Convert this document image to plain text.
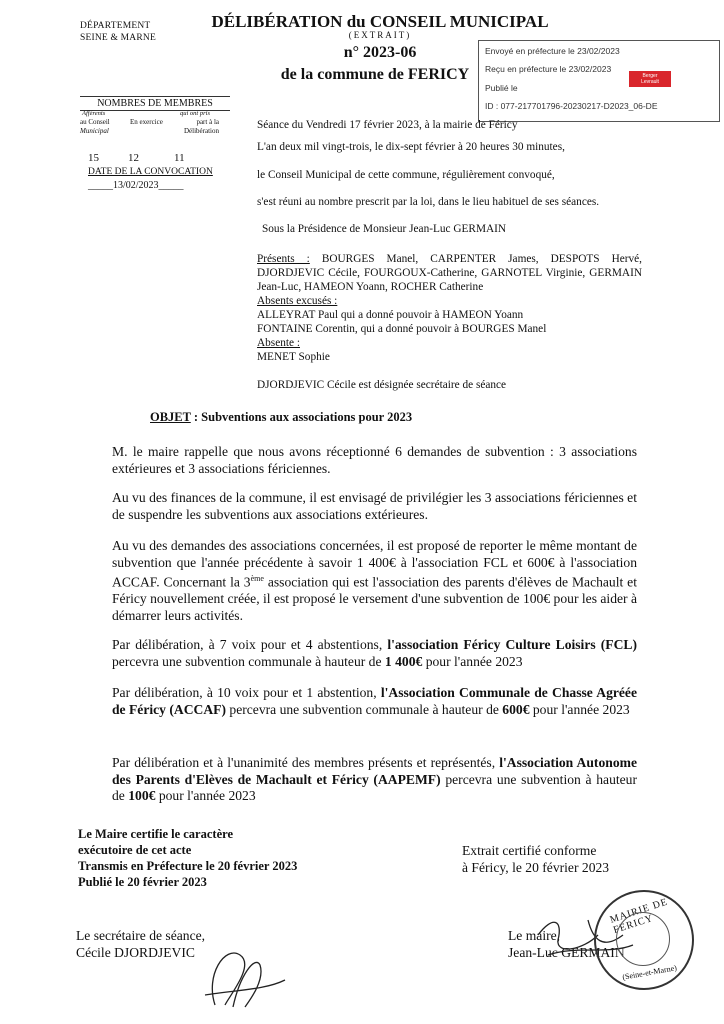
DÉPARTEMENT
SEINE & MARNE
DÉLIBÉRATION du CONSEIL MUNICIPAL
(EXTRAIT)
n° 2023-06
de la commune de FERICY
Envoyé en préfecture le 23/02/2023
Reçu en préfecture le 23/02/2023
Publié le
ID : 077-217701796-20230217-D2023_06-DE
Berger
Levrault
NOMBRES DE MEMBRES
Afférents	qui ont pris
au Conseil
Municipal
En exercice	part à la
Délibération
15	12	11
DATE DE LA CONVOCATION
_____13/02/2023_____
Séance du Vendredi 17 février 2023, à la mairie de Féricy
L'an deux mil vingt-trois, le dix-sept février à 20 heures 30 minutes,
le Conseil Municipal de cette commune, régulièrement convoqué,
s'est réuni au nombre prescrit par la loi, dans le lieu habituel de ses séances.
Sous la Présidence de Monsieur Jean-Luc GERMAIN
Présents : BOURGES Manel, CARPENTER James, DESPOTS Hervé, DJORDJEVIC Cécile, FOURGOUX-Catherine, GARNOTEL Virginie, GERMAIN Jean-Luc, HAMEON Yoann, ROCHER Catherine
Absents excusés :
ALLEYRAT Paul qui a donné pouvoir à HAMEON Yoann
FONTAINE Corentin, qui a donné pouvoir à BOURGES Manel
Absente :
MENET Sophie
DJORDJEVIC Cécile est désignée secrétaire de séance
OBJET : Subventions aux associations pour 2023
M. le maire rappelle que nous avons réceptionné 6 demandes de subvention : 3 associations extérieures et 3 associations fériciennes.
Au vu des finances de la commune, il est envisagé de privilégier les 3 associations fériciennes et de suspendre les subventions aux associations extérieures.
Au vu des demandes des associations concernées, il est proposé de reporter le même montant de subvention que l'année précédente à savoir 1 400€ à l'association FCL et 600€ à l'association ACCAF. Concernant la 3ème association qui est l'association des parents d'élèves de Machault et Féricy nouvellement créée, il est proposé le versement d'une subvention de 100€ pour les aider à démarrer leurs activités.
Par délibération, à 7 voix pour et 4 abstentions, l'association Féricy Culture Loisirs (FCL) percevra une subvention communale à hauteur de 1 400€ pour l'année 2023
Par délibération, à 10 voix pour et 1 abstention, l'Association Communale de Chasse Agréée de Féricy (ACCAF) percevra une subvention communale à hauteur de 600€ pour l'année 2023
Par délibération et à l'unanimité des membres présents et représentés, l'Association Autonome des Parents d'Elèves de Machault et Féricy (AAPEMF) percevra une subvention à hauteur de 100€ pour l'année 2023
Le Maire certifie le caractère
exécutoire de cet acte
Transmis en Préfecture le 20 février 2023
Publié le 20 février 2023
Extrait certifié conforme
à Féricy, le 20 février 2023
Le secrétaire de séance,
Cécile DJORDJEVIC
Le maire,
Jean-Luc GERMAIN
MAIRIE DE FERICY
(Seine-et-Marne)
